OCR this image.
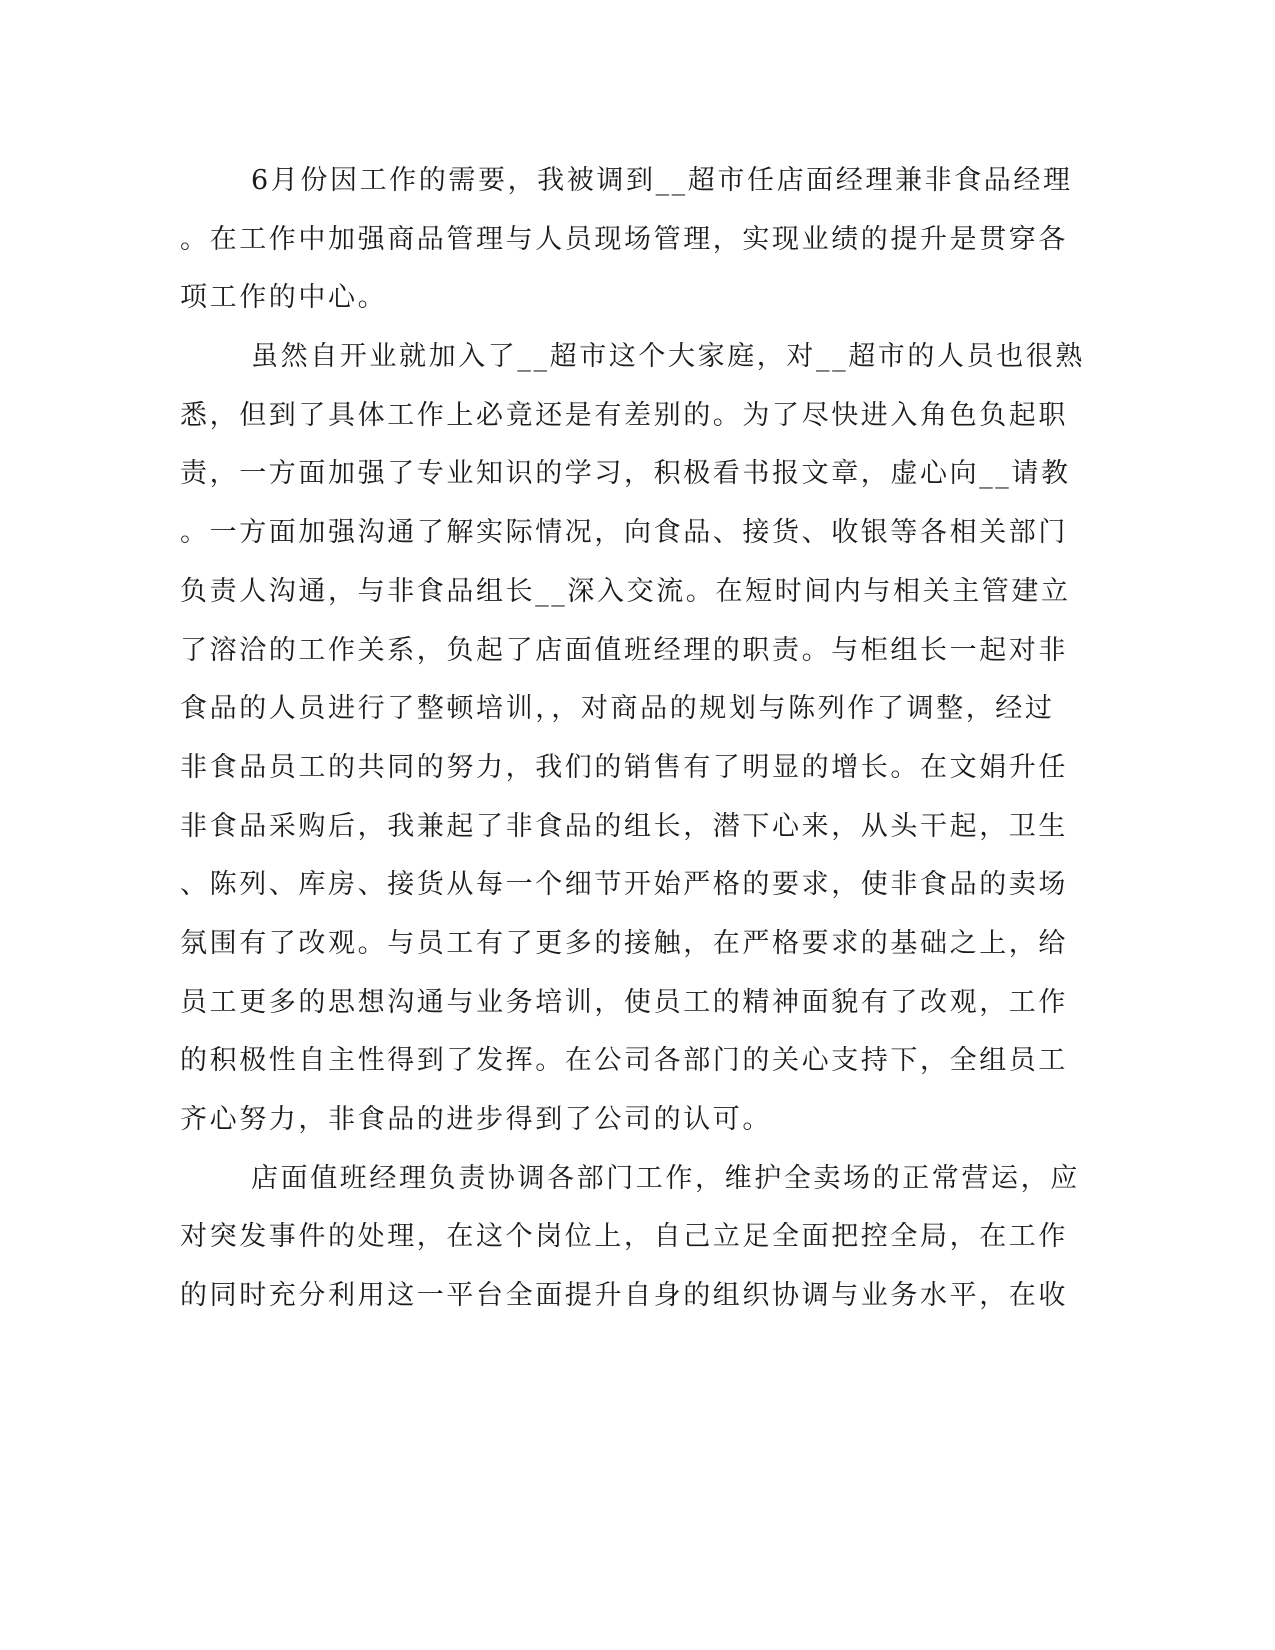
6月份因工作的需要，我被调到__超市任店面经理兼非食品经理
。在工作中加强商品管理与人员现场管理，实现业绩的提升是贯穿各
项工作的中心。
虽然自开业就加入了__超市这个大家庭，对__超市的人员也很熟
悉，但到了具体工作上必竟还是有差别的。为了尽快进入角色负起职
责，一方面加强了专业知识的学习，积极看书报文章，虚心向__请教
。一方面加强沟通了解实际情况，向食品、接货、收银等各相关部门
负责人沟通，与非食品组长__深入交流。在短时间内与相关主管建立
了溶洽的工作关系，负起了店面值班经理的职责。与柜组长一起对非
食品的人员进行了整顿培训，，对商品的规划与陈列作了调整，经过
非食品员工的共同的努力，我们的销售有了明显的增长。在文娟升任
非食品采购后，我兼起了非食品的组长，潜下心来，从头干起，卫生
、陈列、库房、接货从每一个细节开始严格的要求，使非食品的卖场
氛围有了改观。与员工有了更多的接触，在严格要求的基础之上，给
员工更多的思想沟通与业务培训，使员工的精神面貌有了改观，工作
的积极性自主性得到了发挥。在公司各部门的关心支持下，全组员工
齐心努力，非食品的进步得到了公司的认可。
店面值班经理负责协调各部门工作，维护全卖场的正常营运，应
对突发事件的处理，在这个岗位上，自己立足全面把控全局，在工作
的同时充分利用这一平台全面提升自身的组织协调与业务水平，在收
